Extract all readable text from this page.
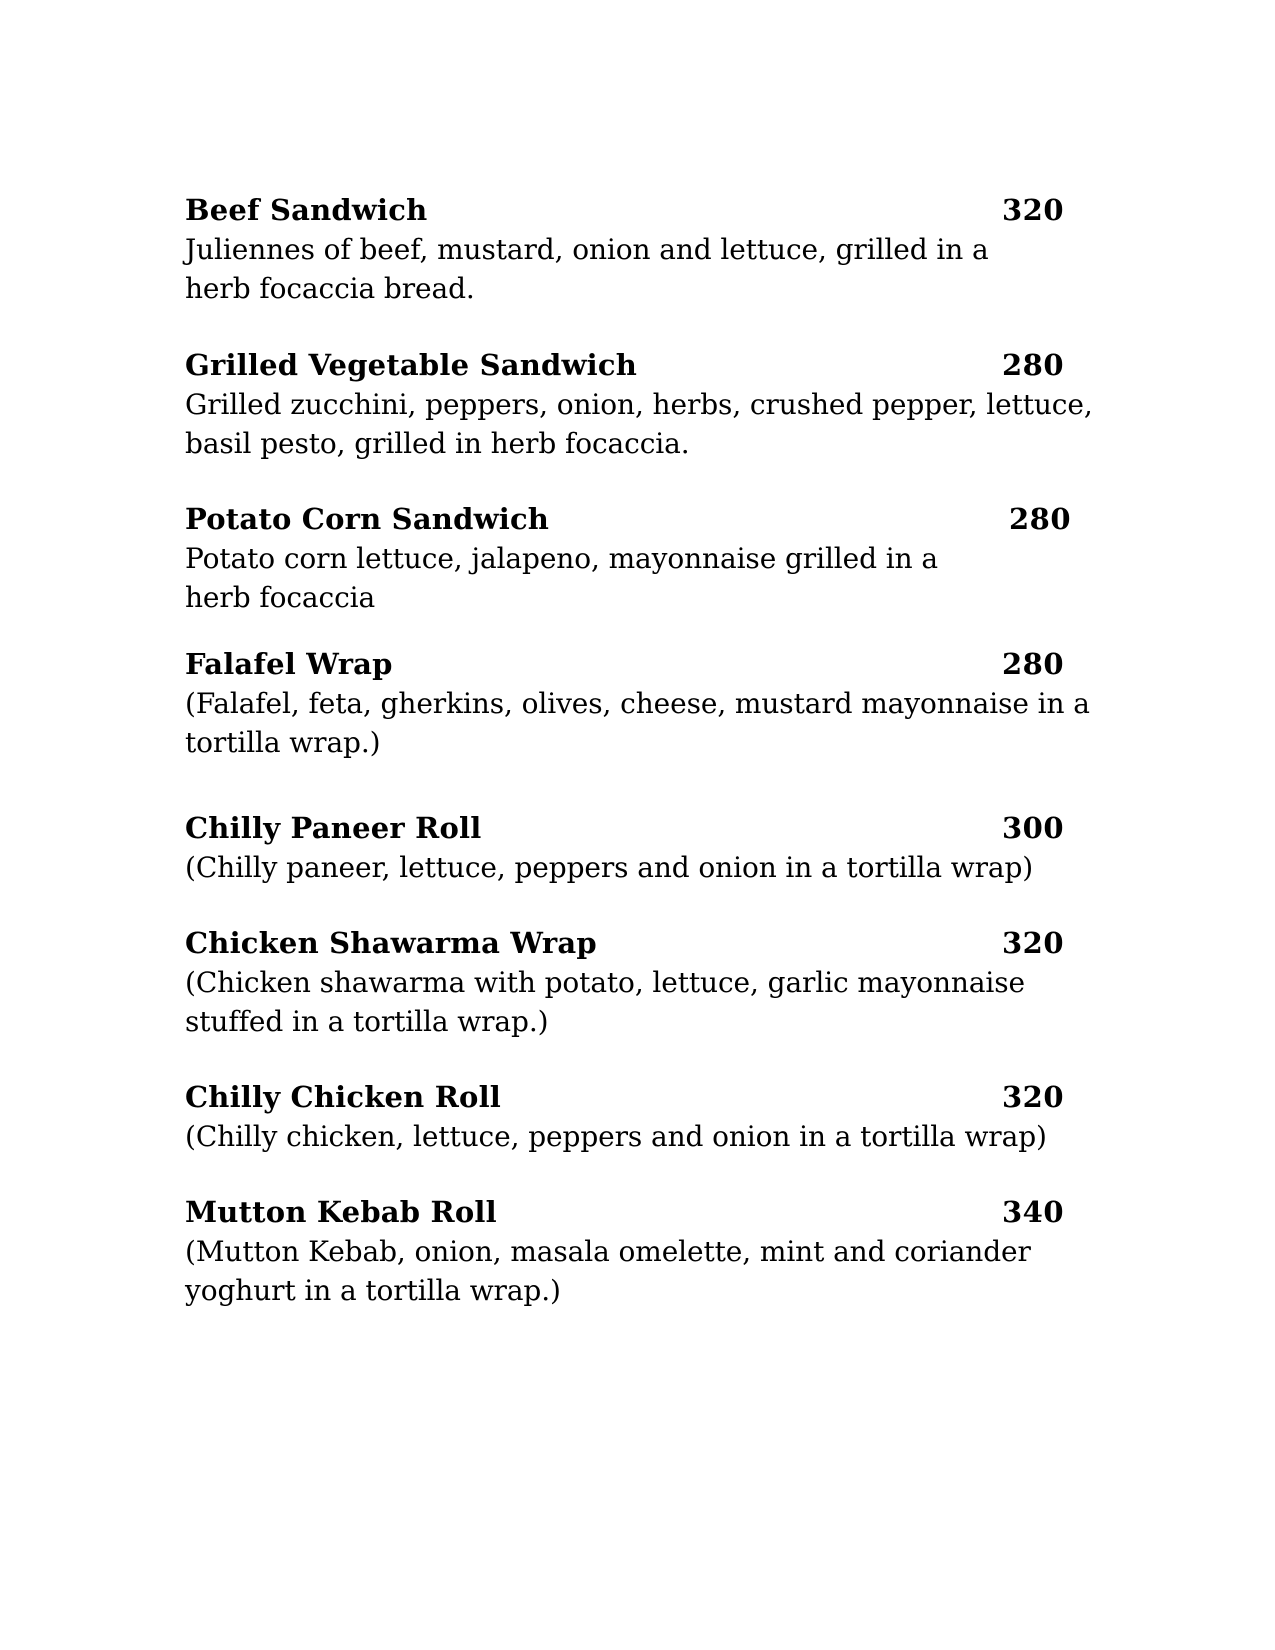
Beef Sandwich	320

Juliennes of beef, mustard, onion and lettuce, grilled in a herb focaccia bread.

Grilled Vegetable Sandwich	280

Grilled zucchini, peppers, onion, herbs, crushed pepper, lettuce, basil pesto, grilled in herb focaccia.

Potato Corn Sandwich	280

Potato corn lettuce, jalapeno, mayonnaise grilled in a herb focaccia

Falafel Wrap	280

(Falafel, feta, gherkins, olives, cheese, mustard mayonnaise in a tortilla wrap.)

Chilly Paneer Roll	300

(Chilly paneer, lettuce, peppers and onion in a tortilla wrap)

Chicken Shawarma Wrap	320

(Chicken shawarma with potato, lettuce, garlic mayonnaise stuffed in a tortilla wrap.)

Chilly Chicken Roll	320

(Chilly chicken, lettuce, peppers and onion in a tortilla wrap)

Mutton Kebab Roll	340

(Mutton Kebab, onion, masala omelette, mint and coriander yoghurt in a tortilla wrap.)
